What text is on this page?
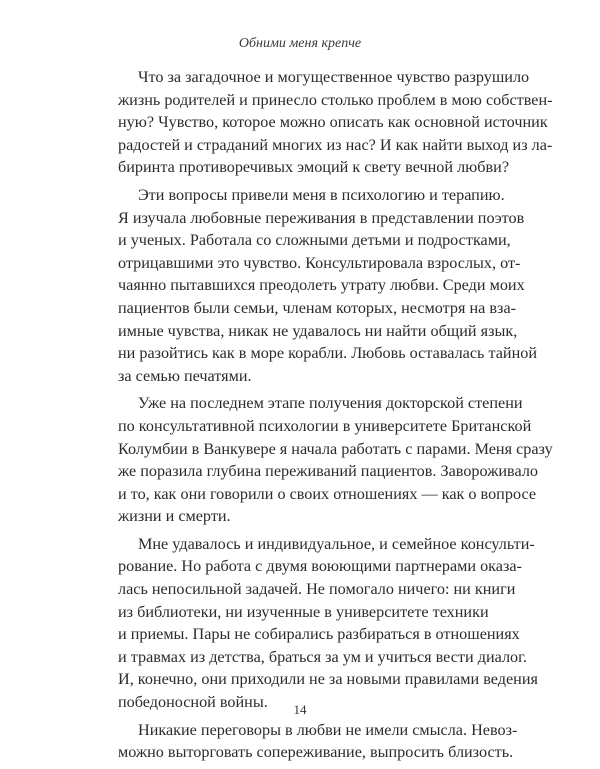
Обними меня крепче

Что за загадочное и могущественное чувство разрушило
жизнь родителей и принесло столько проблем в мою собствен-
ную? Чувство, которое можно описать как основной источник
радостей и страданий многих из нас? И как найти выход из ла-
биринта противоречивых эмоций к свету вечной любви?

Эти вопросы привели меня в психологию и терапию.
Я изучала любовные переживания в представлении поэтов
и ученых. Работала со сложными детьми и подростками,
отрицавшими это чувство. Консультировала взрослых, от-
чаянно пытавшихся преодолеть утрату любви. Среди моих
пациентов были семьи, членам которых, несмотря на вза-
имные чувства, никак не удавалось ни найти общий язык,
ни разойтись как в море корабли. Любовь оставалась тайной
за семью печатями.

Уже на последнем этапе получения докторской степени
по консультативной психологии в университете Британской
Колумбии в Ванкувере я начала работать с парами. Меня сразу
же поразила глубина переживаний пациентов. Завороживало
и то, как они говорили о своих отношениях — как о вопросе
жизни и смерти.

Мне удавалось и индивидуальное, и семейное консульти-
рование. Но работа с двумя воюющими партнерами оказа-
лась непосильной задачей. Не помогало ничего: ни книги
из библиотеки, ни изученные в университете техники
и приемы. Пары не собирались разбираться в отношениях
и травмах из детства, браться за ум и учиться вести диалог.
И, конечно, они приходили не за новыми правилами ведения
победоносной войны.

Никакие переговоры в любви не имели смысла. Невоз-
можно выторговать сопереживание, выпросить близость.

14
